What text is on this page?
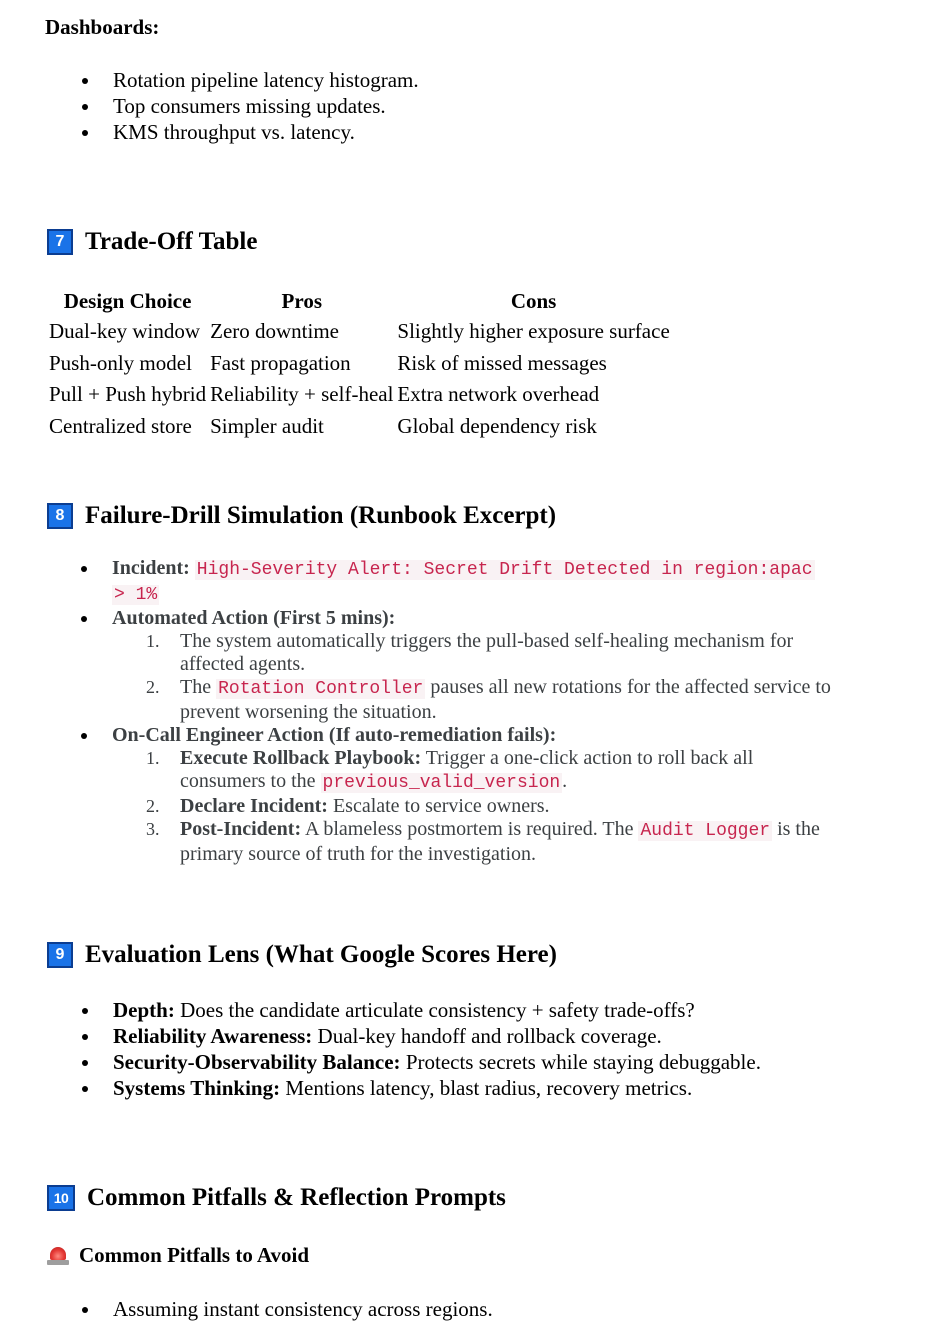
Dashboards:
Rotation pipeline latency histogram.
Top consumers missing updates.
KMS throughput vs. latency.
7 Trade-Off Table
Design Choice	Pros	Cons
Dual-key window	Zero downtime	Slightly higher exposure surface
Push-only model	Fast propagation	Risk of missed messages
Pull + Push hybrid	Reliability + self-heal	Extra network overhead
Centralized store	Simpler audit	Global dependency risk
8 Failure-Drill Simulation (Runbook Excerpt)
Incident: High-Severity Alert: Secret Drift Detected in region:apac
> 1%
Automated Action (First 5 mins):
1. The system automatically triggers the pull-based self-healing mechanism for
affected agents.
2. The Rotation Controller pauses all new rotations for the affected service to
prevent worsening the situation.
On-Call Engineer Action (If auto-remediation fails):
1. Execute Rollback Playbook: Trigger a one-click action to roll back all
consumers to the previous_valid_version .
2. Declare Incident: Escalate to service owners.
3. Post-Incident: A blameless postmortem is required. The Audit Logger is the
primary source of truth for the investigation.
9 Evaluation Lens (What Google Scores Here)
Depth: Does the candidate articulate consistency + safety trade-offs?
Reliability Awareness: Dual-key handoff and rollback coverage.
Security-Observability Balance: Protects secrets while staying debuggable.
Systems Thinking: Mentions latency, blast radius, recovery metrics.
10 Common Pitfalls & Reflection Prompts
Common Pitfalls to Avoid
Assuming instant consistency across regions.
